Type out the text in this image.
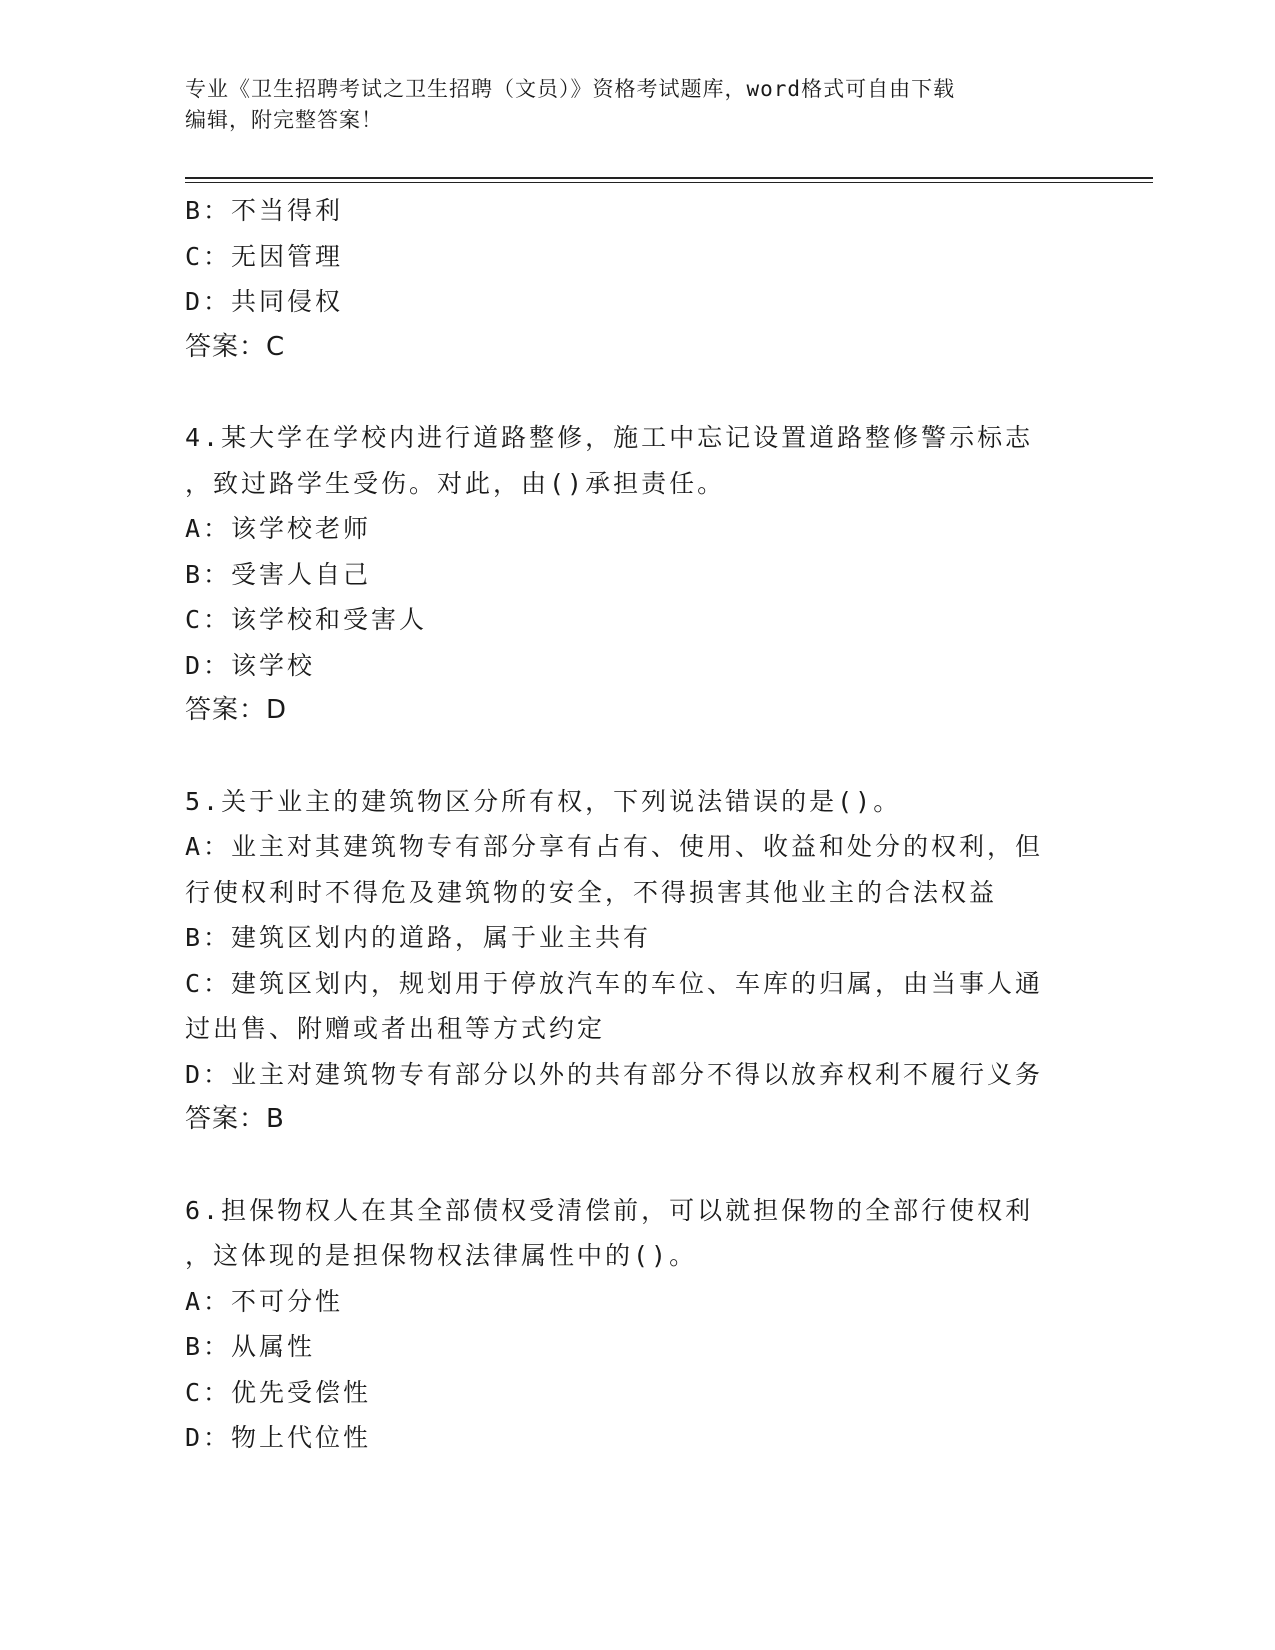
专业《卫生招聘考试之卫生招聘（文员）》资格考试题库，word格式可自由下载
编辑，附完整答案！
B：不当得利
C：无因管理
D：共同侵权
答案：C
4.某大学在学校内进行道路整修，施工中忘记设置道路整修警示标志
，致过路学生受伤。对此，由()承担责任。
A：该学校老师
B：受害人自己
C：该学校和受害人
D：该学校
答案：D
5.关于业主的建筑物区分所有权，下列说法错误的是()。
A：业主对其建筑物专有部分享有占有、使用、收益和处分的权利，但
行使权利时不得危及建筑物的安全，不得损害其他业主的合法权益
B：建筑区划内的道路，属于业主共有
C：建筑区划内，规划用于停放汽车的车位、车库的归属，由当事人通
过出售、附赠或者出租等方式约定
D：业主对建筑物专有部分以外的共有部分不得以放弃权利不履行义务
答案：B
6.担保物权人在其全部债权受清偿前，可以就担保物的全部行使权利
，这体现的是担保物权法律属性中的()。
A：不可分性
B：从属性
C：优先受偿性
D：物上代位性
